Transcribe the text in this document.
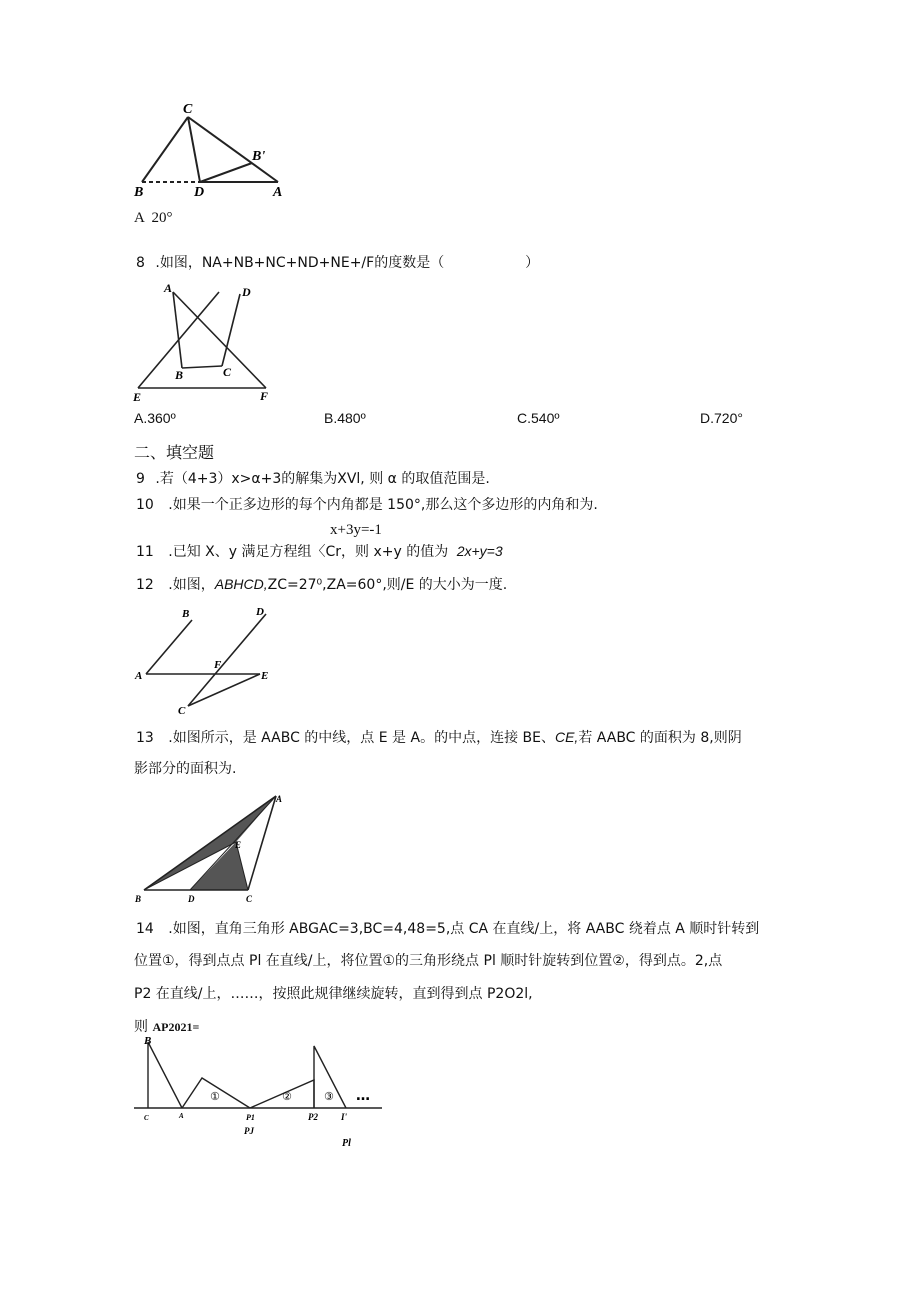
C
B'
B	D	A
A  20°
8 .如图，NA+NB+NC+ND+NE+/F的度数是（	）
A	D
B	C
E	F
A.360º	B.480º	C.540º	D.720°
二、填空题
9 .若（4+3）x>α+3的解集为XVl, 则 α 的取值范围是.
10 .如果一个正多边形的每个内角都是 150°,那么这个多边形的内角和为.
x+3y=-1
11 .已知 X、y 满足方程组〈Cr，则 x+y 的值为 2x+y=3
12 .如图，ABHCD,ZC=27⁰,ZA=60°,则/E 的大小为一度.
B	D
F
A	E
C
13 .如图所示，是 AABC 的中线，点 E 是 A。的中点，连接 BE、CE,若 AABC 的面积为 8,则阴
影部分的面积为.
A
E
B	D	C
14 .如图，直角三角形 ABGAC=3,BC=4,48=5,点 CA 在直线/上，将 AABC 绕着点 A 顺时针转到
位置①，得到点点 Pl 在直线/上，将位置①的三角形绕点 Pl 顺时针旋转到位置②，得到点。2,点
P2 在直线/上，……，按照此规律继续旋转，直到得到点 P2O2l,
则 AP2021=
B
C	A	P1	P2	I'
①	②	③ …
PJ
Pl
